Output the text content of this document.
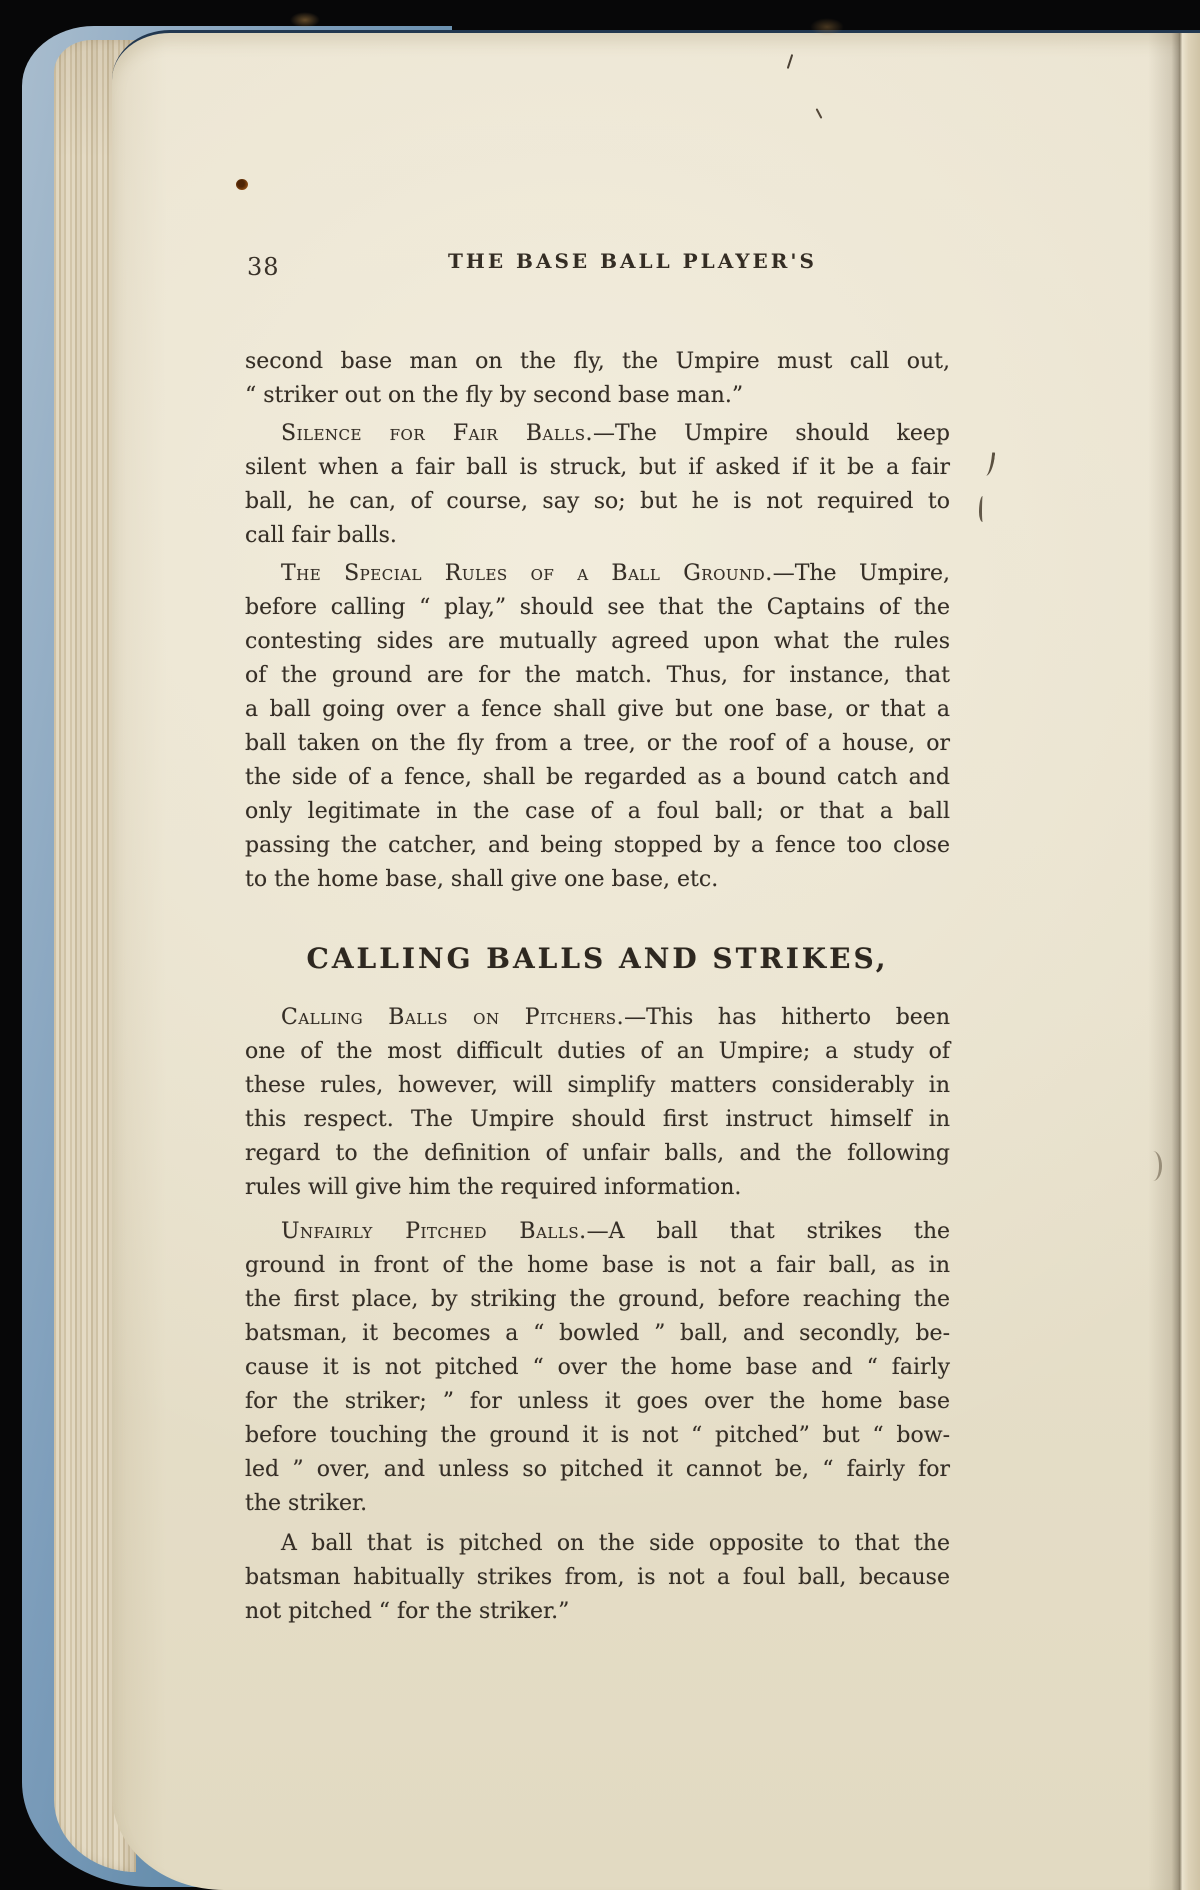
38	THE BASE BALL PLAYER'S
second base man on the fly, the Umpire must call out,
“ striker out on the fly by second base man.”
Silence for Fair Balls.—The Umpire should keep
silent when a fair ball is struck, but if asked if it be a fair
ball, he can, of course, say so; but he is not required to
call fair balls.
The Special Rules of a Ball Ground.—The Umpire,
before calling “ play,” should see that the Captains of the
contesting sides are mutually agreed upon what the rules
of the ground are for the match. Thus, for instance, that
a ball going over a fence shall give but one base, or that a
ball taken on the fly from a tree, or the roof of a house, or
the side of a fence, shall be regarded as a bound catch and
only legitimate in the case of a foul ball; or that a ball
passing the catcher, and being stopped by a fence too close
to the home base, shall give one base, etc.
CALLING BALLS AND STRIKES,
Calling Balls on Pitchers.—This has hitherto been
one of the most difficult duties of an Umpire; a study of
these rules, however, will simplify matters considerably in
this respect. The Umpire should first instruct himself in
regard to the definition of unfair balls, and the following
rules will give him the required information.
Unfairly Pitched Balls.—A ball that strikes the
ground in front of the home base is not a fair ball, as in
the first place, by striking the ground, before reaching the
batsman, it becomes a “ bowled ” ball, and secondly, be-
cause it is not pitched “ over the home base and “ fairly
for the striker; ” for unless it goes over the home base
before touching the ground it is not “ pitched” but “ bow-
led ” over, and unless so pitched it cannot be, “ fairly for
the striker.
A ball that is pitched on the side opposite to that the
batsman habitually strikes from, is not a foul ball, because
not pitched “ for the striker.”
